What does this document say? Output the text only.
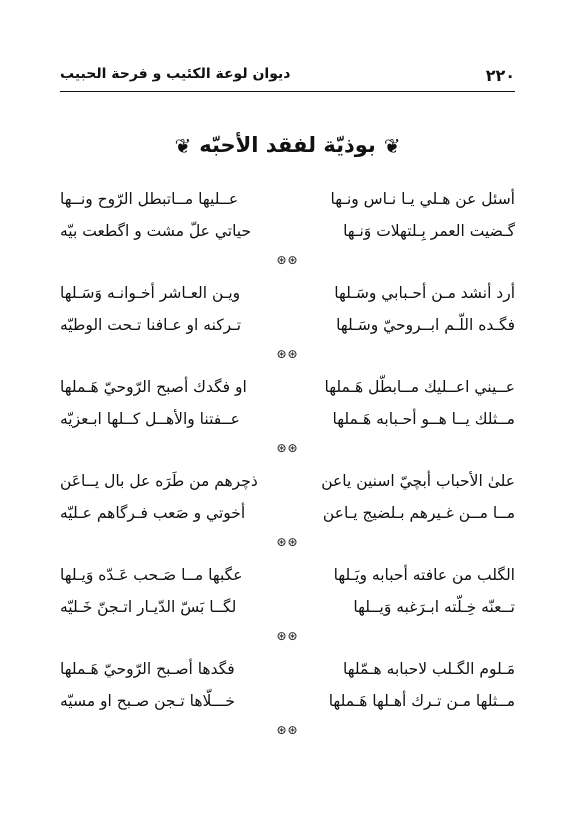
٢٢٠
ديوان لوعة الكئيب و فرحة الحبيب
❦بوذيّة لفقد الأحبّه❦
أسئل عن هـلي يـا نـاس ونـها
عــليها مــاتبطل الرّوح ونــها
گـضيت العمر بِـلتهلات وَنـها
حياتي علّ مشت و اگطعت بيّه
⊛⊛
أرد أنشد مـن أحـبابي وسَـلها
ويـن العـاشر أخـوانـه وَسَـلها
فگـده اللّـم ابــروحيّ وسَـلها
تـركنه او عـافنا تـحت الوطيّه
⊛⊛
عــيني اعــليك مــابطّل هَـملها
او فگدك أصبح الرّوحيّ هَـملها
مــثلك يــا هــو أحـبابه هَـملها
عــفتنا والأهــل كــلها ابـعزيّه
⊛⊛
علىٰ الأحباب أبچيّ اسنين ياعن
ذچرهم من طَرَه عل بال يــاعَن
مــا مــن غـيرهم بـلضيج يـاعن
أخوتي و صَعب فـرگاهم عـليّه
⊛⊛
الگلب من عافته أحبابه ويَـلها
عگبها مــا صَـحب عَـدّه وَيـلها
تــعنّه خِـلّته ابـرَغبه وَيــلها
لگــا بَسّ الدّيـار اتـجنّ خَـليّه
⊛⊛
مَـلوم الگـلب لاحبابه هـمّلها
فگدها أصـبح الرّوحيّ هَـملها
مــثلها مـن تـرك أهـلها هَـملها
خـــلّاها تـجن صـبح او مسيّه
⊛⊛
